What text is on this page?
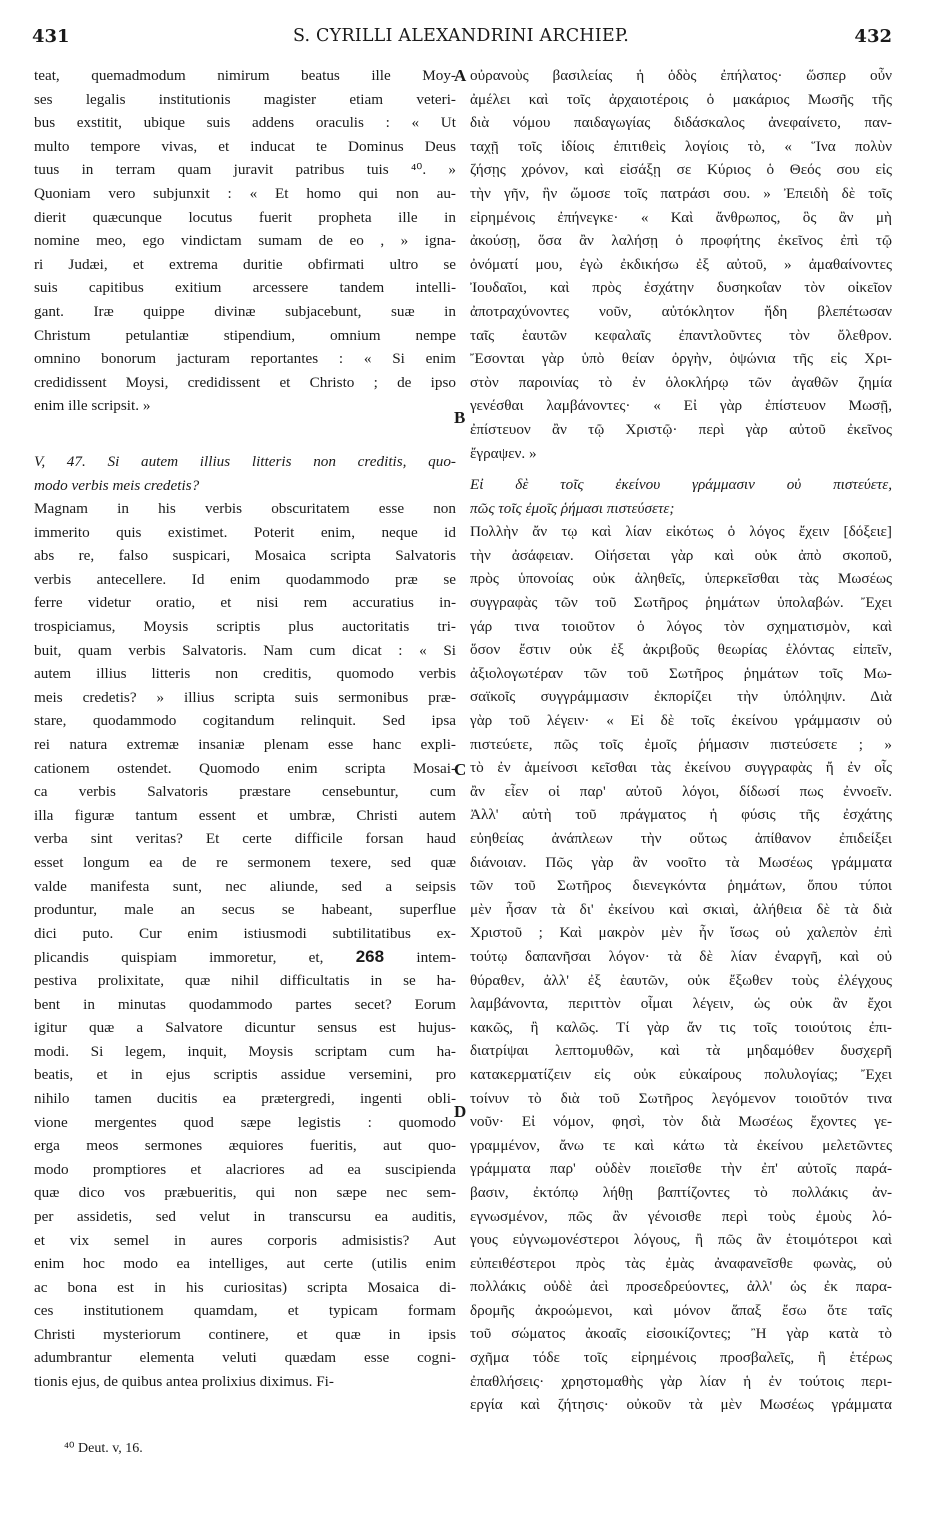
431	S. CYRILLI ALEXANDRINI ARCHIEP.	432
teat, quemadmodum nimirum beatus ille Moy-
ses legalis institutionis magister etiam veteri-
bus exstitit, ubique suis addens oraculis : « Ut
multo tempore vivas, et inducat te Dominus Deus
tuus in terram quam juravit patribus tuis ⁴⁰. »
Quoniam vero subjunxit : « Et homo qui non au-
dierit quæcunque locutus fuerit propheta ille in
nomine meo, ego vindictam sumam de eo , » igna-
ri Judæi, et extrema duritie obfirmati ultro se
suis capitibus exitium arcessere tandem intelli-
gant. Iræ quippe divinæ subjacebunt, suæ in
Christum petulantiæ stipendium, omnium nempe
omnino bonorum jacturam reportantes : « Si enim
credidissent Moysi, credidissent et Christo ; de ipso
enim ille scripsit. »
V, 47. Si autem illius litteris non creditis, quo-
modo verbis meis credetis?
Magnam in his verbis obscuritatem esse non
immerito quis existimet. Poterit enim, neque id
abs re, falso suspicari, Mosaica scripta Salvatoris
verbis antecellere. Id enim quodammodo præ se
ferre videtur oratio, et nisi rem accuratius in-
trospiciamus, Moysis scriptis plus auctoritatis tri-
buit, quam verbis Salvatoris. Nam cum dicat : « Si
autem illius litteris non creditis, quomodo verbis
meis credetis? » illius scripta suis sermonibus præ-
stare, quodammodo cogitandum relinquit. Sed ipsa
rei natura extremæ insaniæ plenam esse hanc expli-
cationem ostendet. Quomodo enim scripta Mosai-
ca verbis Salvatoris præstare censebuntur, cum
illa figuræ tantum essent et umbræ, Christi autem
verba sint veritas? Et certe difficile forsan haud
esset longum ea de re sermonem texere, sed quæ
valde manifesta sunt, nec aliunde, sed a seipsis
produntur, male an secus se habeant, superflue
dici puto. Cur enim istiusmodi subtilitatibus ex-
plicandis quispiam immoretur, et, 268 intem-
pestiva prolixitate, quæ nihil difficultatis in se ha-
bent in minutas quodammodo partes secet? Eorum
igitur quæ a Salvatore dicuntur sensus est hujus-
modi. Si legem, inquit, Moysis scriptam cum ha-
beatis, et in ejus scriptis assidue versemini, pro
nihilo tamen ducitis ea prætergredi, ingenti obli-
vione mergentes quod sæpe legistis : quomodo
erga meos sermones æquiores fueritis, aut quo-
modo promptiores et alacriores ad ea suscipienda
quæ dico vos præbueritis, qui non sæpe nec sem-
per assidetis, sed velut in transcursu ea auditis,
et vix semel in aures corporis admisistis? Aut
enim hoc modo ea intelliges, aut certe (utilis enim
ac bona est in his curiositas) scripta Mosaica di-
ces institutionem quamdam, et typicam formam
Christi mysteriorum continere, et quæ in ipsis
adumbrantur elementa veluti quædam esse cogni-
tionis ejus, de quibus antea prolixius diximus. Fi-
οὐρανοὺς βασιλείας ἡ ὁδὸς ἐπήλατος· ὥσπερ οὖν
ἀμέλει καὶ τοῖς ἀρχαιοτέροις ὁ μακάριος Μωσῆς τῆς
διὰ νόμου παιδαγωγίας διδάσκαλος ἀνεφαίνετο, παν-
ταχῇ τοῖς ἰδίοις ἐπιτιθεὶς λογίοις τὸ, « Ἵνα πολὺν
ζήσῃς χρόνον, καὶ εἰσάξῃ σε Κύριος ὁ Θεός σου εἰς
τὴν γῆν, ἣν ὤμοσε τοῖς πατράσι σου. » Ἐπειδὴ δὲ τοῖς
εἰρημένοις ἐπήνεγκε· « Καὶ ἄνθρωπος, ὃς ἂν μὴ
ἀκούσῃ, ὅσα ἂν λαλήσῃ ὁ προφήτης ἐκεῖνος ἐπὶ τῷ
ὀνόματί μου, ἐγὼ ἐκδικήσω ἐξ αὐτοῦ, » ἀμαθαίνοντες
Ἰουδαῖοι, καὶ πρὸς ἐσχάτην δυσηκοΐαν τὸν οἰκεῖον
ἀποτραχύνοντες νοῦν, αὐτόκλητον ἤδη βλεπέτωσαν
ταῖς ἑαυτῶν κεφαλαῖς ἐπαντλοῦντες τὸν ὄλεθρον.
Ἔσονται γὰρ ὑπὸ θείαν ὀργὴν, ὀψώνια τῆς εἰς Χρι-
στὸν παροινίας τὸ ἐν ὁλοκλήρῳ τῶν ἀγαθῶν ζημία
γενέσθαι λαμβάνοντες· « Εἰ γὰρ ἐπίστευον Μωσῇ,
ἐπίστευον ἂν τῷ Χριστῷ· περὶ γὰρ αὐτοῦ ἐκεῖνος
ἔγραψεν. »
Εἰ δὲ τοῖς ἐκείνου γράμμασιν οὐ πιστεύετε,
πῶς τοῖς ἐμοῖς ῥήμασι πιστεύσετε;
Πολλὴν ἄν τῳ καὶ λίαν εἰκότως ὁ λόγος ἔχειν [δόξειε]
τὴν ἀσάφειαν. Οἰήσεται γὰρ καὶ οὐκ ἀπὸ σκοποῦ,
πρὸς ὑπονοίας οὐκ ἀληθεῖς, ὑπερκεῖσθαι τὰς Μωσέως
συγγραφὰς τῶν τοῦ Σωτῆρος ῥημάτων ὑπολαβών. Ἔχει
γάρ τινα τοιοῦτον ὁ λόγος τὸν σχηματισμὸν, καὶ
ὅσον ἔστιν οὐκ ἐξ ἀκριβοῦς θεωρίας ἑλόντας εἰπεῖν,
ἀξιολογωτέραν τῶν τοῦ Σωτῆρος ῥημάτων τοῖς Μω-
σαϊκοῖς συγγράμμασιν ἐκπορίζει τὴν ὑπόληψιν. Διὰ
γὰρ τοῦ λέγειν· « Εἰ δὲ τοῖς ἐκείνου γράμμασιν οὐ
πιστεύετε, πῶς τοῖς ἐμοῖς ῥήμασιν πιστεύσετε ; »
τὸ ἐν ἀμείνοσι κεῖσθαι τὰς ἐκείνου συγγραφὰς ἤ ἐν οἷς
ἂν εἶεν οἱ παρ' αὐτοῦ λόγοι, δίδωσί πως ἐννοεῖν.
Ἀλλ' αὐτὴ τοῦ πράγματος ἡ φύσις τῆς ἐσχάτης
εὐηθείας ἀνάπλεων τὴν οὕτως ἀπίθανον ἐπιδείξει
διάνοιαν. Πῶς γὰρ ἂν νοοῖτο τὰ Μωσέως γράμματα
τῶν τοῦ Σωτῆρος διενεγκόντα ῥημάτων, ὅπου τύποι
μὲν ἦσαν τὰ δι' ἐκείνου καὶ σκιαὶ, ἀλήθεια δὲ τὰ διὰ
Χριστοῦ ; Καὶ μακρὸν μὲν ἦν ἴσως οὐ χαλεπὸν ἐπὶ
τούτῳ δαπανῆσαι λόγον· τὰ δὲ λίαν ἐναργῆ, καὶ οὐ
θύραθεν, ἀλλ' ἐξ ἑαυτῶν, οὐκ ἔξωθεν τοὺς ἐλέγχους
λαμβάνοντα, περιττὸν οἶμαι λέγειν, ὡς οὐκ ἂν ἔχοι
κακῶς, ἢ καλῶς. Τί γὰρ ἄν τις τοῖς τοιούτοις ἐπι-
διατρίψαι λεπτομυθῶν, καὶ τὰ μηδαμόθεν δυσχερῆ
κατακερματίζειν εἰς οὐκ εὐκαίρους πολυλογίας; Ἔχει
τοίνυν τὸ διὰ τοῦ Σωτῆρος λεγόμενον τοιοῦτόν τινα
νοῦν· Εἰ νόμον, φησὶ, τὸν διὰ Μωσέως ἔχοντες γε-
γραμμένον, ἄνω τε καὶ κάτω τὰ ἐκείνου μελετῶντες
γράμματα παρ' οὐδὲν ποιεῖσθε τὴν ἐπ' αὐτοῖς παρά-
βασιν, ἐκτόπῳ λήθῃ βαπτίζοντες τὸ πολλάκις ἀν-
εγνωσμένον, πῶς ἂν γένοισθε περὶ τοὺς ἐμοὺς λό-
γους εὐγνωμονέστεροι λόγους, ἢ πῶς ἂν ἑτοιμότεροι καὶ
εὐπειθέστεροι πρὸς τὰς ἐμὰς ἀναφανεῖσθε φωνὰς, οὐ
πολλάκις οὐδὲ ἀεὶ προσεδρεύοντες, ἀλλ' ὡς ἐκ παρα-
δρομῆς ἀκροώμενοι, καὶ μόνον ἅπαξ ἔσω ὅτε ταῖς
τοῦ σώματος ἀκοαῖς εἰσοικίζοντες; Ἢ γὰρ κατὰ τὸ
σχῆμα τόδε τοῖς εἰρημένοις προσβαλεῖς, ἢ ἑτέρως
ἐπαθλήσεις· χρηστομαθὴς γὰρ λίαν ἡ ἐν τούτοις περι-
εργία καὶ ζήτησις· οὐκοῦν τὰ μὲν Μωσέως γράμματα
A
B
C
D
⁴⁰ Deut. v, 16.
